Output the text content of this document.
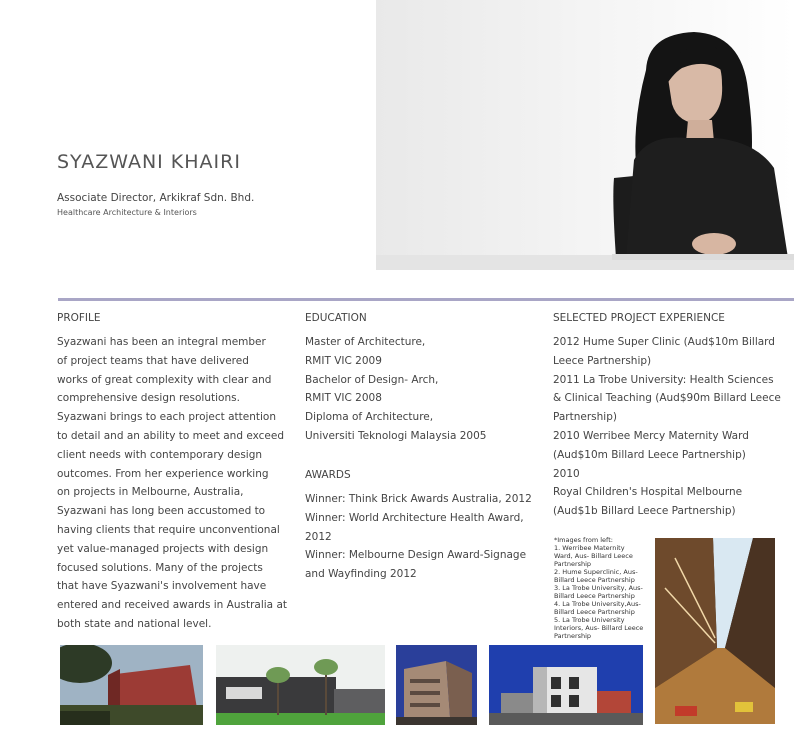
SYAZWANI KHAIRI
Associate Director, Arkikraf Sdn. Bhd.
Healthcare Architecture & Interiors
PROFILE
Syazwani has been an integral member
of project teams that have delivered
works of great complexity with clear and
comprehensive design resolutions.
Syazwani brings to each project attention
to detail and an ability to meet and exceed
client needs with contemporary design
outcomes. From her experience working
on projects in Melbourne, Australia,
Syazwani has long been accustomed to
having clients that require unconventional
yet value-managed projects with design
focused solutions. Many of the projects
that have Syazwani's involvement have
entered and received awards in Australia at
both state and national level.
EDUCATION
Master of Architecture,
RMIT VIC 2009
Bachelor of Design- Arch,
RMIT VIC 2008
Diploma of Architecture,
Universiti Teknologi Malaysia 2005
AWARDS
Winner: Think Brick Awards Australia, 2012
Winner: World Architecture Health Award,
2012
Winner: Melbourne Design Award-Signage
and Wayfinding 2012
SELECTED PROJECT EXPERIENCE
2012 Hume Super Clinic (Aud$10m Billard
Leece Partnership)
2011 La Trobe University: Health Sciences
& Clinical Teaching (Aud$90m Billard Leece
Partnership)
2010 Werribee Mercy Maternity Ward
(Aud$10m Billard Leece Partnership)
2010
Royal Children's Hospital Melbourne
(Aud$1b Billard Leece Partnership)
*Images from left:
1. Werribee Maternity
Ward, Aus- Billard Leece
Partnership
2. Hume Superclinic, Aus-
Billard Leece Partnership
3. La Trobe University, Aus-
Billard Leece Partnership
4. La Trobe University,Aus-
Billard Leece Partnership
5. La Trobe University
Interiors, Aus- Billard Leece
Partnership
